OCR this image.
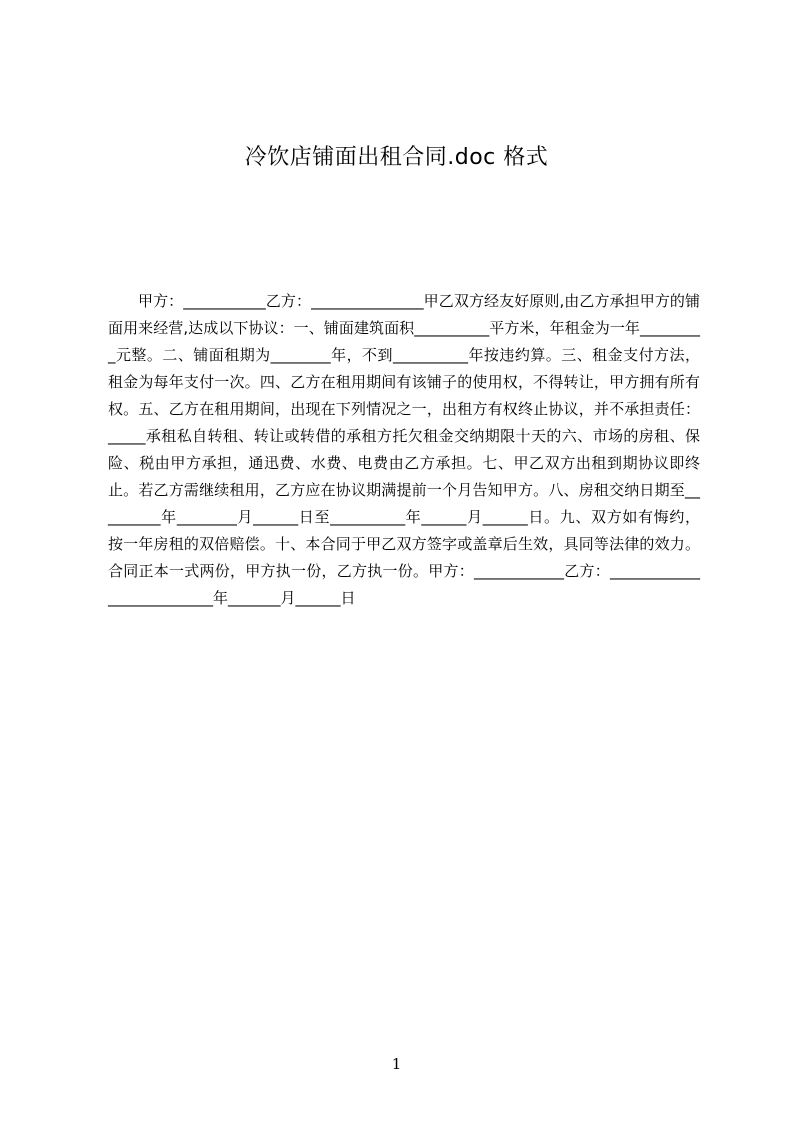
冷饮店铺面出租合同.doc 格式

甲方：___________乙方：_______________甲乙双方经友好原则,由乙方承担甲方的铺面用来经营,达成以下协议：一、铺面建筑面积__________平方米，年租金为一年_________元整。二、铺面租期为________年，不到__________年按违约算。三、租金支付方法，租金为每年支付一次。四、乙方在租用期间有该铺子的使用权，不得转让，甲方拥有所有权。五、乙方在租用期间，出现在下列情况之一，出租方有权终止协议，并不承担责任：_____承租私自转租、转让或转借的承租方托欠租金交纳期限十天的六、市场的房租、保险、税由甲方承担，通迅费、水费、电费由乙方承担。七、甲乙双方出租到期协议即终止。若乙方需继续租用，乙方应在协议期满提前一个月告知甲方。八、房租交纳日期至_________年________月______日至__________年______月______日。九、双方如有悔约，按一年房租的双倍赔偿。十、本合同于甲乙双方签字或盖章后生效，具同等法律的效力。合同正本一式两份，甲方执一份，乙方执一份。甲方：____________乙方：__________________________年_______月______日

1
